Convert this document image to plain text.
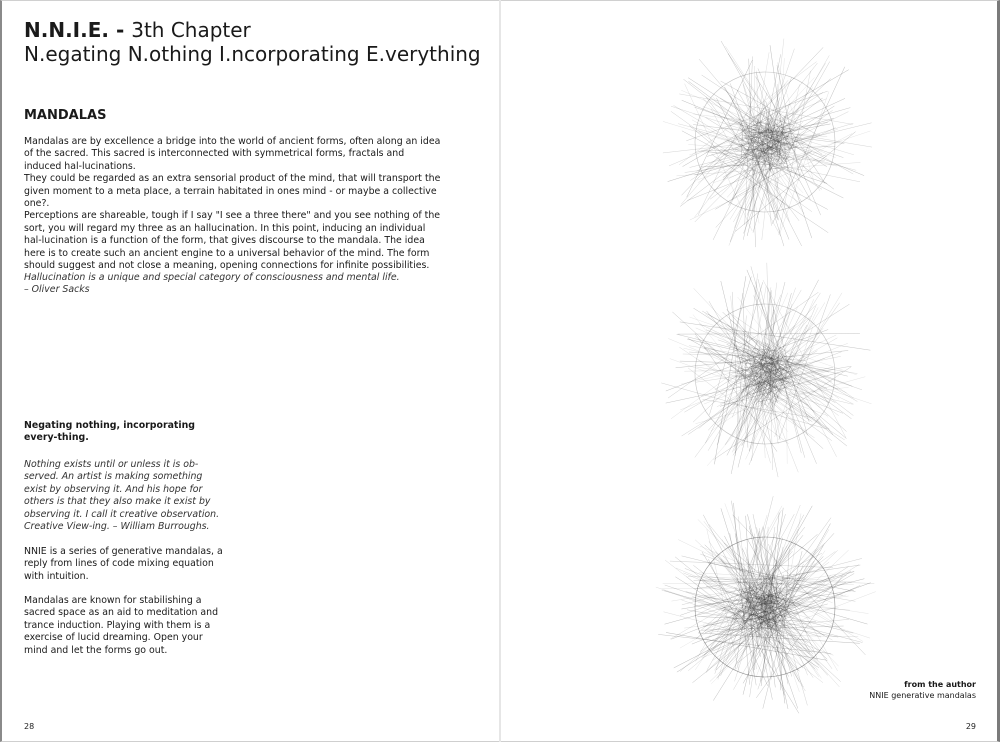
N.N.I.E. - 3th Chapter
N.egating N.othing I.ncorporating E.verything
MANDALAS

Mandalas are by excellence a bridge into the world of ancient forms, often along an idea of the sacred. This sacred is interconnected with symmetrical forms, fractals and induced hal-lucinations.

They could be regarded as an extra sensorial product of the mind, that will transport the given moment to a meta place, a terrain habitated in ones mind - or maybe a collective one?.

Perceptions are shareable, tough if I say "I see a three there" and you see nothing of the sort, you will regard my three as an hallucination. In this point, inducing an individual hal-lucination is a function of the form, that gives discourse to the mandala. The idea here is to create such an ancient engine to a universal behavior of the mind. The form should suggest and not close a meaning, opening connections for infinite possibilities.

Hallucination is a unique and special category of consciousness and mental life.
– Oliver Sacks
Negating nothing, incorporating every-thing.
Nothing exists until or unless it is ob-served. An artist is making something exist by observing it. And his hope for others is that they also make it exist by observing it. I call it creative observation. Creative View-ing. – William Burroughs.
NNIE is a series of generative mandalas, a reply from lines of code mixing equation with intuition.
Mandalas are known for stabilishing a sacred space as an aid to meditation and trance induction. Playing with them is a exercise of lucid dreaming. Open your mind and let the forms go out.
from the author
NNIE generative mandalas
28	29
